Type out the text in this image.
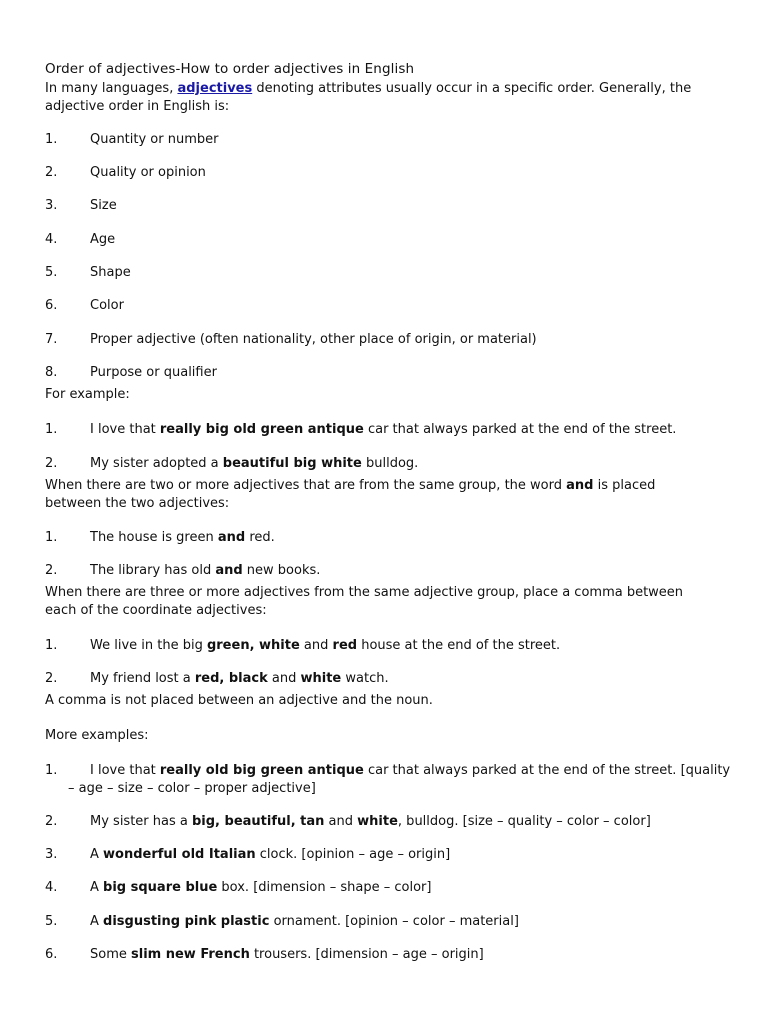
Order of adjectives-How to order adjectives in English
In many languages, adjectives denoting attributes usually occur in a specific order. Generally, the
adjective order in English is:
1.	Quantity or number
2.	Quality or opinion
3.	Size
4.	Age
5.	Shape
6.	Color
7.	Proper adjective (often nationality, other place of origin, or material)
8.	Purpose or qualifier
For example:
1.	I love that really big old green antique car that always parked at the end of the street.
2.	My sister adopted a beautiful big white bulldog.
When there are two or more adjectives that are from the same group, the word and is placed
between the two adjectives:
1.	The house is green and red.
2.	The library has old and new books.
When there are three or more adjectives from the same adjective group, place a comma between
each of the coordinate adjectives:
1.	We live in the big green, white and red house at the end of the street.
2.	My friend lost a red, black and white watch.
A comma is not placed between an adjective and the noun.
More examples:
1.	I love that really old big green antique car that always parked at the end of the street. [quality
– age – size – color – proper adjective]
2.	My sister has a big, beautiful, tan and white, bulldog. [size – quality – color – color]
3.	A wonderful old Italian clock. [opinion – age – origin]
4.	A big square blue box. [dimension – shape – color]
5.	A disgusting pink plastic ornament. [opinion – color – material]
6.	Some slim new French trousers. [dimension – age – origin]
